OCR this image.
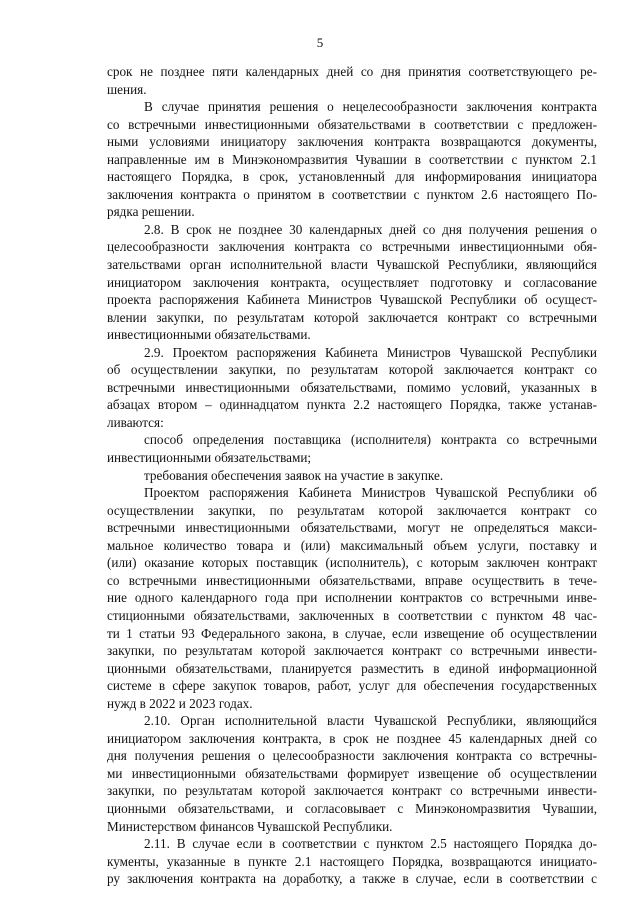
5
срок не позднее пяти календарных дней со дня принятия соответствующего ре-
шения.
В случае принятия решения о нецелесообразности заключения контракта
со встречными инвестиционными обязательствами в соответствии с предложен-
ными условиями инициатору заключения контракта возвращаются документы,
направленные им в Минэкономразвития Чувашии в соответствии с пунктом 2.1
настоящего Порядка, в срок, установленный для информирования инициатора
заключения контракта о принятом в соответствии с пунктом 2.6 настоящего По-
рядка решении.
2.8. В срок не позднее 30 календарных дней со дня получения решения о
целесообразности заключения контракта со встречными инвестиционными обя-
зательствами орган исполнительной власти Чувашской Республики, являющийся
инициатором заключения контракта, осуществляет подготовку и согласование
проекта распоряжения Кабинета Министров Чувашской Республики об осущест-
влении закупки, по результатам которой заключается контракт со встречными
инвестиционными обязательствами.
2.9. Проектом распоряжения Кабинета Министров Чувашской Республики
об осуществлении закупки, по результатам которой заключается контракт со
встречными инвестиционными обязательствами, помимо условий, указанных в
абзацах втором – одиннадцатом пункта 2.2 настоящего Порядка, также устанав-
ливаются:
способ определения поставщика (исполнителя) контракта со встречными
инвестиционными обязательствами;
требования обеспечения заявок на участие в закупке.
Проектом распоряжения Кабинета Министров Чувашской Республики об
осуществлении закупки, по результатам которой заключается контракт со
встречными инвестиционными обязательствами, могут не определяться макси-
мальное количество товара и (или) максимальный объем услуги, поставку и
(или) оказание которых поставщик (исполнитель), с которым заключен контракт
со встречными инвестиционными обязательствами, вправе осуществить в тече-
ние одного календарного года при исполнении контрактов со встречными инве-
стиционными обязательствами, заключенных в соответствии с пунктом 48 час-
ти 1 статьи 93 Федерального закона, в случае, если извещение об осуществлении
закупки, по результатам которой заключается контракт со встречными инвести-
ционными обязательствами, планируется разместить в единой информационной
системе в сфере закупок товаров, работ, услуг для обеспечения государственных
нужд в 2022 и 2023 годах.
2.10. Орган исполнительной власти Чувашской Республики, являющийся
инициатором заключения контракта, в срок не позднее 45 календарных дней со
дня получения решения о целесообразности заключения контракта со встречны-
ми инвестиционными обязательствами формирует извещение об осуществлении
закупки, по результатам которой заключается контракт со встречными инвести-
ционными обязательствами, и согласовывает с Минэкономразвития Чувашии,
Министерством финансов Чувашской Республики.
2.11. В случае если в соответствии с пунктом 2.5 настоящего Порядка до-
кументы, указанные в пункте 2.1 настоящего Порядка, возвращаются инициато-
ру заключения контракта на доработку, а также в случае, если в соответствии с
